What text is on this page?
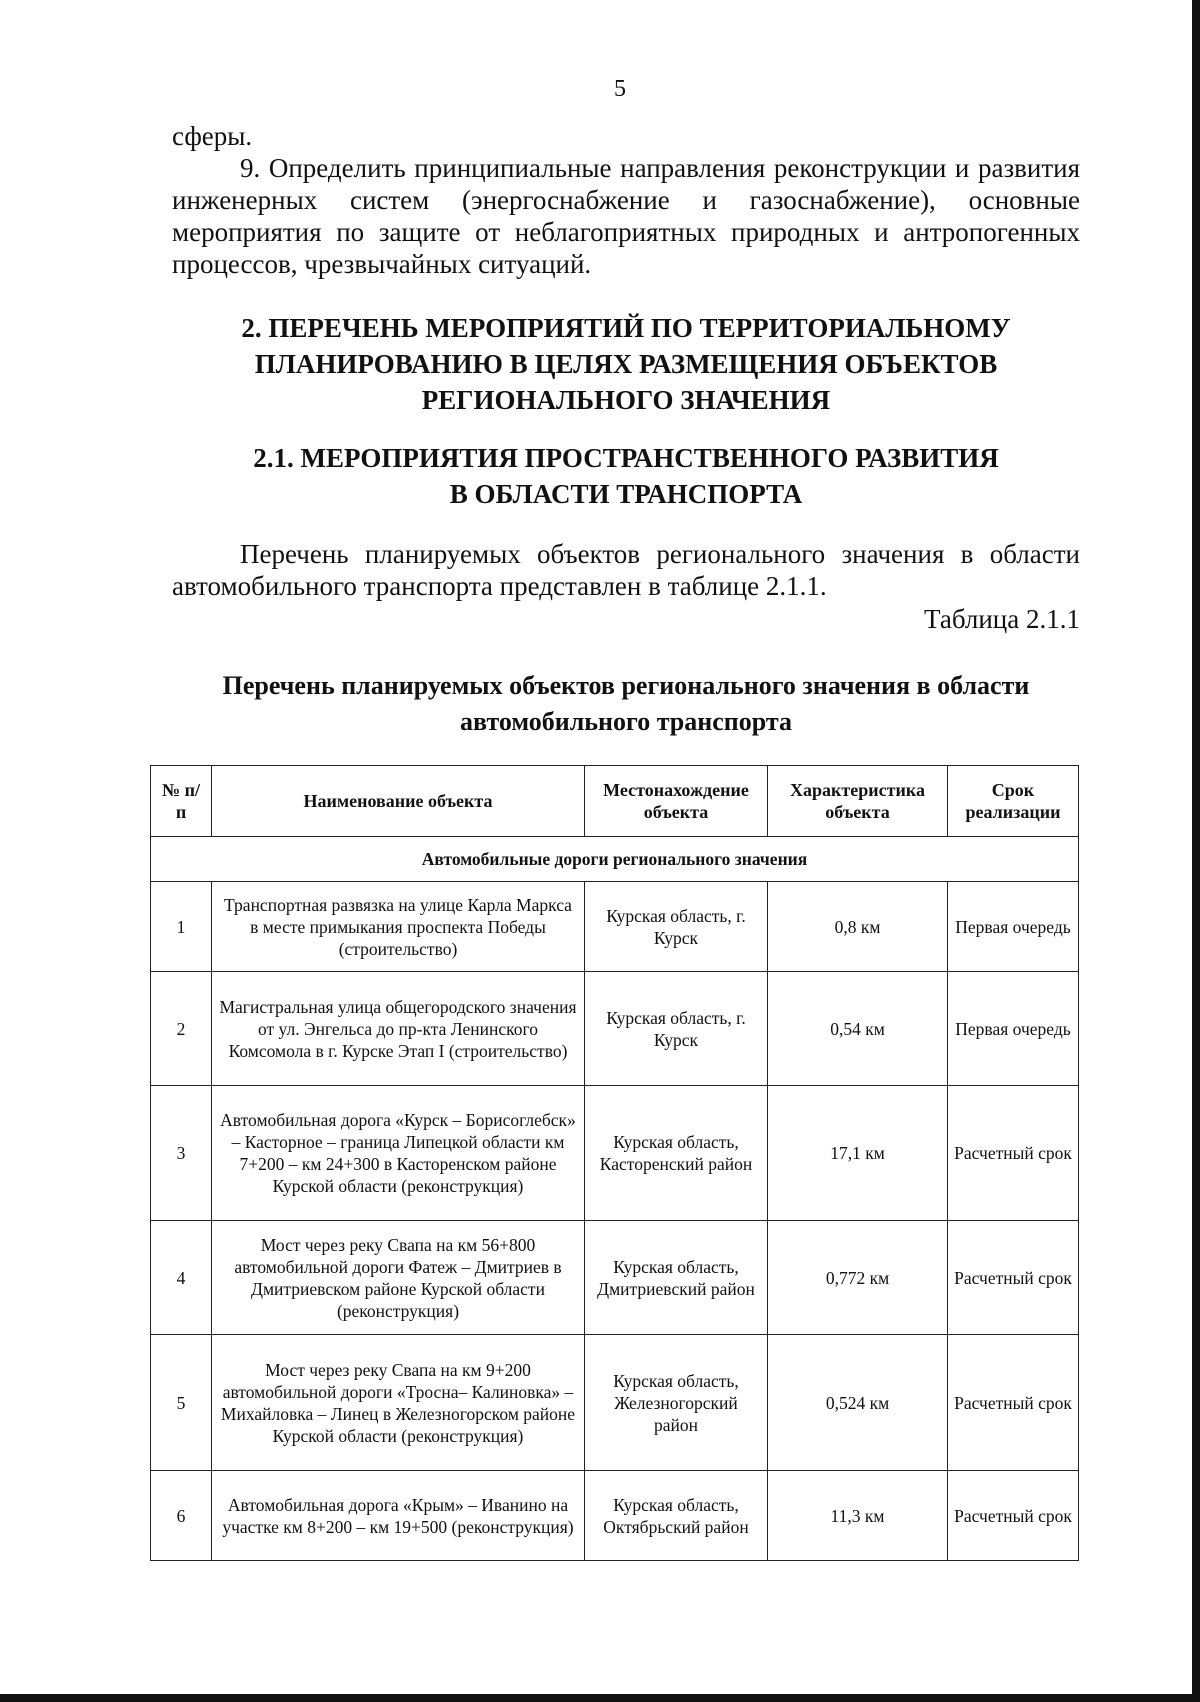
5
сферы.
9. Определить принципиальные направления реконструкции и развития инженерных систем (энергоснабжение и газоснабжение), основные мероприятия по защите от неблагоприятных природных и антропогенных процессов, чрезвычайных ситуаций.
2. ПЕРЕЧЕНЬ МЕРОПРИЯТИЙ ПО ТЕРРИТОРИАЛЬНОМУ
ПЛАНИРОВАНИЮ В ЦЕЛЯХ РАЗМЕЩЕНИЯ ОБЪЕКТОВ
РЕГИОНАЛЬНОГО ЗНАЧЕНИЯ
2.1. МЕРОПРИЯТИЯ ПРОСТРАНСТВЕННОГО РАЗВИТИЯ
В ОБЛАСТИ ТРАНСПОРТА
Перечень планируемых объектов регионального значения в области автомобильного транспорта представлен в таблице 2.1.1.
Таблица 2.1.1
Перечень планируемых объектов регионального значения в области
автомобильного транспорта
№ п/п	Наименование объекта	Местонахождение объекта	Характеристика объекта	Срок реализации
Автомобильные дороги регионального значения				
1	Транспортная развязка на улице Карла Маркса в месте примыкания проспекта Победы (строительство)	Курская область, г. Курск	0,8 км	Первая очередь
2	Магистральная улица общегородского значения от ул. Энгельса до пр-кта Ленинского Комсомола в г. Курске Этап I (строительство)	Курская область, г. Курск	0,54 км	Первая очередь
3	Автомобильная дорога «Курск – Борисоглебск» – Касторное – граница Липецкой области км 7+200 – км 24+300 в Касторенском районе Курской области (реконструкция)	Курская область, Касторенский район	17,1 км	Расчетный срок
4	Мост через реку Свапа на км 56+800 автомобильной дороги Фатеж – Дмитриев в Дмитриевском районе Курской области (реконструкция)	Курская область, Дмитриевский район	0,772 км	Расчетный срок
5	Мост через реку Свапа на км 9+200 автомобильной дороги «Тросна– Калиновка» – Михайловка – Линец в Железногорском районе Курской области (реконструкция)	Курская область, Железногорский район	0,524 км	Расчетный срок
6	Автомобильная дорога «Крым» – Иванино на участке км 8+200 – км 19+500 (реконструкция)	Курская область, Октябрьский район	11,3 км	Расчетный срок
